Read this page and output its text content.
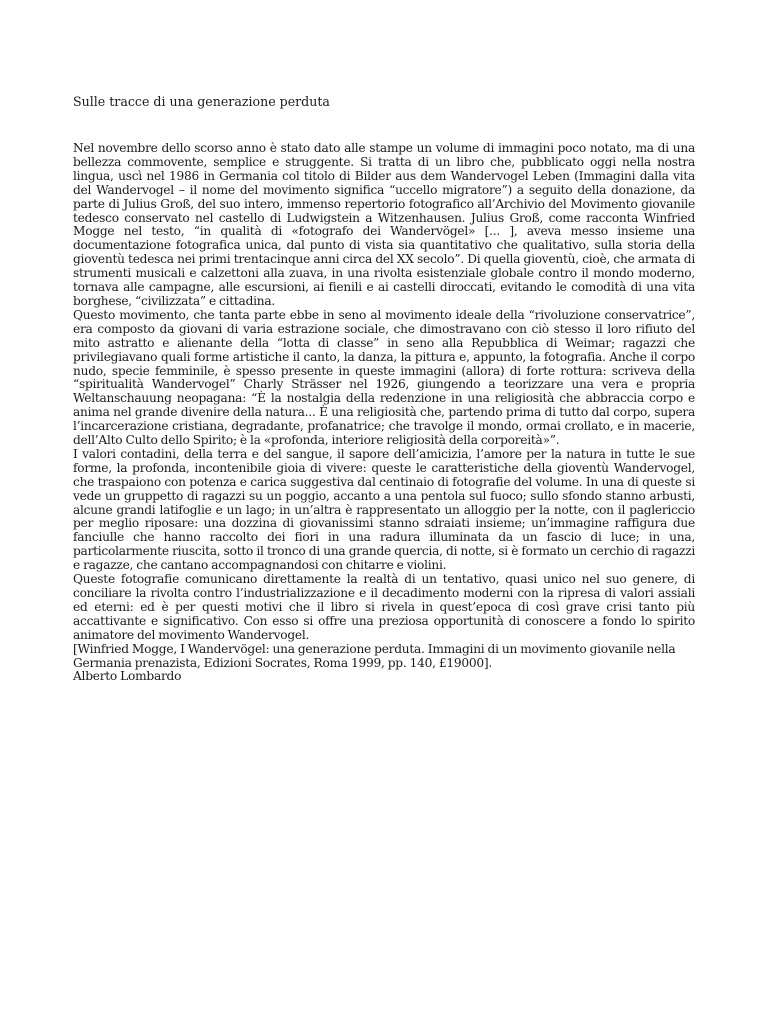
Sulle tracce di una generazione perduta

Nel novembre dello scorso anno è stato dato alle stampe un volume di immagini poco notato, ma di una bellezza commovente, semplice e struggente. Si tratta di un libro che, pubblicato oggi nella nostra lingua, uscì nel 1986 in Germania col titolo di Bilder aus dem Wandervogel Leben (Immagini dalla vita del Wandervogel – il nome del movimento significa “uccello migratore”) a seguito della donazione, da parte di Julius Groß, del suo intero, immenso repertorio fotografico all’Archivio del Movimento giovanile tedesco conservato nel castello di Ludwigstein a Witzenhausen. Julius Groß, come racconta Winfried Mogge nel testo, “in qualità di «fotografo dei Wandervögel» [... ], aveva messo insieme una documentazione fotografica unica, dal punto di vista sia quantitativo che qualitativo, sulla storia della gioventù tedesca nei primi trentacinque anni circa del XX secolo”. Di quella gioventù, cioè, che armata di strumenti musicali e calzettoni alla zuava, in una rivolta esistenziale globale contro il mondo moderno, tornava alle campagne, alle escursioni, ai fienili e ai castelli diroccati, evitando le comodità di una vita borghese, “civilizzata” e cittadina.

Questo movimento, che tanta parte ebbe in seno al movimento ideale della “rivoluzione conservatrice”, era composto da giovani di varia estrazione sociale, che dimostravano con ciò stesso il loro rifiuto del mito astratto e alienante della “lotta di classe” in seno alla Repubblica di Weimar; ragazzi che privilegiavano quali forme artistiche il canto, la danza, la pittura e, appunto, la fotografia. Anche il corpo nudo, specie femminile, è spesso presente in queste immagini (allora) di forte rottura: scriveva della “spiritualità Wandervogel” Charly Strässer nel 1926, giungendo a teorizzare una vera e propria Weltanschauung neopagana: “È la nostalgia della redenzione in una religiosità che abbraccia corpo e anima nel grande divenire della natura... È una religiosità che, partendo prima di tutto dal corpo, supera l’incarcerazione cristiana, degradante, profanatrice; che travolge il mondo, ormai crollato, e in macerie, dell’Alto Culto dello Spirito; è la «profonda, interiore religiosità della corporeità»”.

I valori contadini, della terra e del sangue, il sapore dell’amicizia, l’amore per la natura in tutte le sue forme, la profonda, incontenibile gioia di vivere: queste le caratteristiche della gioventù Wandervogel, che traspaiono con potenza e carica suggestiva dal centinaio di fotografie del volume. In una di queste si vede un gruppetto di ragazzi su un poggio, accanto a una pentola sul fuoco; sullo sfondo stanno arbusti, alcune grandi latifoglie e un lago; in un’altra è rappresentato un alloggio per la notte, con il paglericcio per meglio riposare: una dozzina di giovanissimi stanno sdraiati insieme; un’immagine raffigura due fanciulle che hanno raccolto dei fiori in una radura illuminata da un fascio di luce; in una, particolarmente riuscita, sotto il tronco di una grande quercia, di notte, si è formato un cerchio di ragazzi e ragazze, che cantano accompagnandosi con chitarre e violini.

Queste fotografie comunicano direttamente la realtà di un tentativo, quasi unico nel suo genere, di conciliare la rivolta contro l’industrializzazione e il decadimento moderni con la ripresa di valori assiali ed eterni: ed è per questi motivi che il libro si rivela in quest’epoca di così grave crisi tanto più accattivante e significativo. Con esso si offre una preziosa opportunità di conoscere a fondo lo spirito animatore del movimento Wandervogel.

[Winfried Mogge, I Wandervögel: una generazione perduta. Immagini di un movimento giovanile nella Germania prenazista, Edizioni Socrates, Roma 1999, pp. 140, £19000].

Alberto Lombardo
